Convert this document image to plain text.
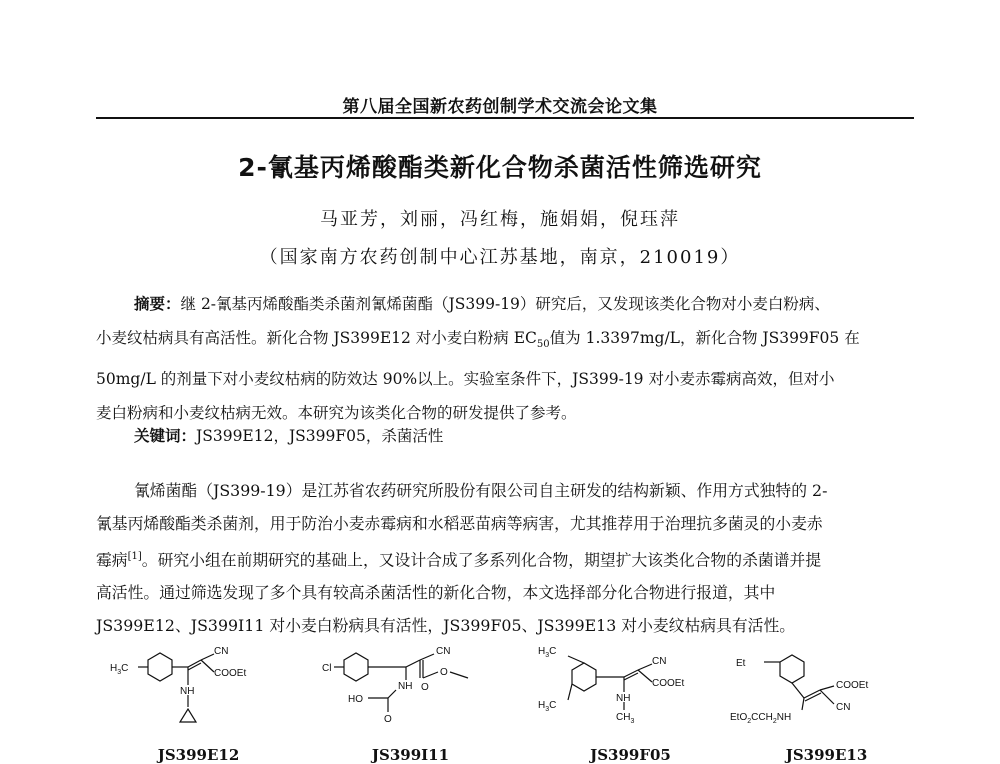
第八届全国新农药创制学术交流会论文集
2-氰基丙烯酸酯类新化合物杀菌活性筛选研究
马亚芳，刘丽，冯红梅，施娟娟，倪珏萍
（国家南方农药创制中心江苏基地，南京，210019）
摘要：继 2-氰基丙烯酸酯类杀菌剂氰烯菌酯（JS399-19）研究后，又发现该类化合物对小麦白粉病、
小麦纹枯病具有高活性。新化合物 JS399E12 对小麦白粉病 $EC_{50}$值为 1.3397mg/L，新化合物 JS399F05 在
50mg/L 的剂量下对小麦纹枯病的防效达 90%以上。实验室条件下，JS399-19 对小麦赤霉病高效，但对小
麦白粉病和小麦纹枯病无效。本研究为该类化合物的研发提供了参考。
关键词：JS399E12，JS399F05，杀菌活性
氰烯菌酯（JS399-19）是江苏省农药研究所股份有限公司自主研发的结构新颖、作用方式独特的 2-
氰基丙烯酸酯类杀菌剂，用于防治小麦赤霉病和水稻恶苗病等病害，尤其推荐用于治理抗多菌灵的小麦赤
霉病[1]。研究小组在前期研究的基础上，又设计合成了多系列化合物，期望扩大该类化合物的杀菌谱并提
高活性。通过筛选发现了多个具有较高杀菌活性的新化合物，本文选择部分化合物进行报道，其中
JS399E12、JS399I11 对小麦白粉病具有活性，JS399F05、JS399E13 对小麦纹枯病具有活性。
$H_3C$
CN
COOEt
NH
JS399E12
Cl
CN
NH O
HO
O
O
JS399I11
$H_3C$
$H_3C$
CN
COOEt
NH
$CH_3$
JS399F05
Et
COOEt
CN
$EtO_2CCH_2NH$
JS399E13
